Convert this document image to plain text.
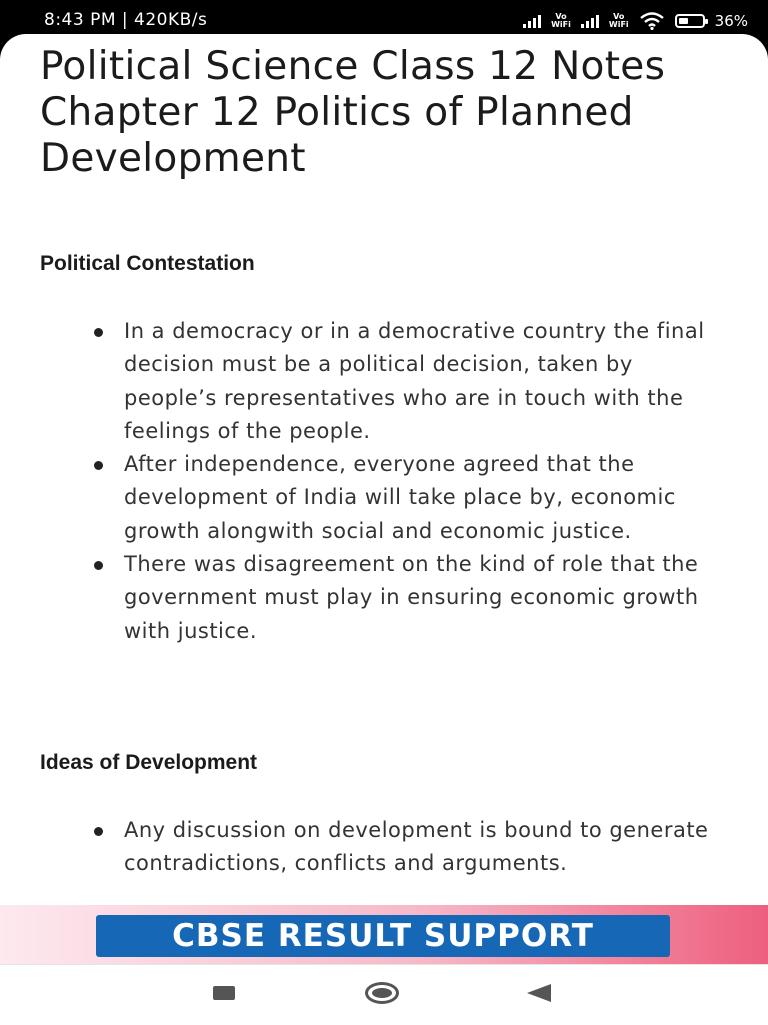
8:43 PM | 420KB/s	Vo
WiFi
Vo
WiFi	36%
Political Science Class 12 Notes Chapter 12 Politics of Planned Development
Political Contestation
In a democracy or in a democrative country the final decision must be a political decision, taken by people’s representatives who are in touch with the feelings of the people.
After independence, everyone agreed that the development of India will take place by, economic growth alongwith social and economic justice.
There was disagreement on the kind of role that the government must play in ensuring economic growth with justice.
Ideas of Development
Any discussion on development is bound to generate contradictions, conflicts and arguments.
CBSE RESULT SUPPORT
